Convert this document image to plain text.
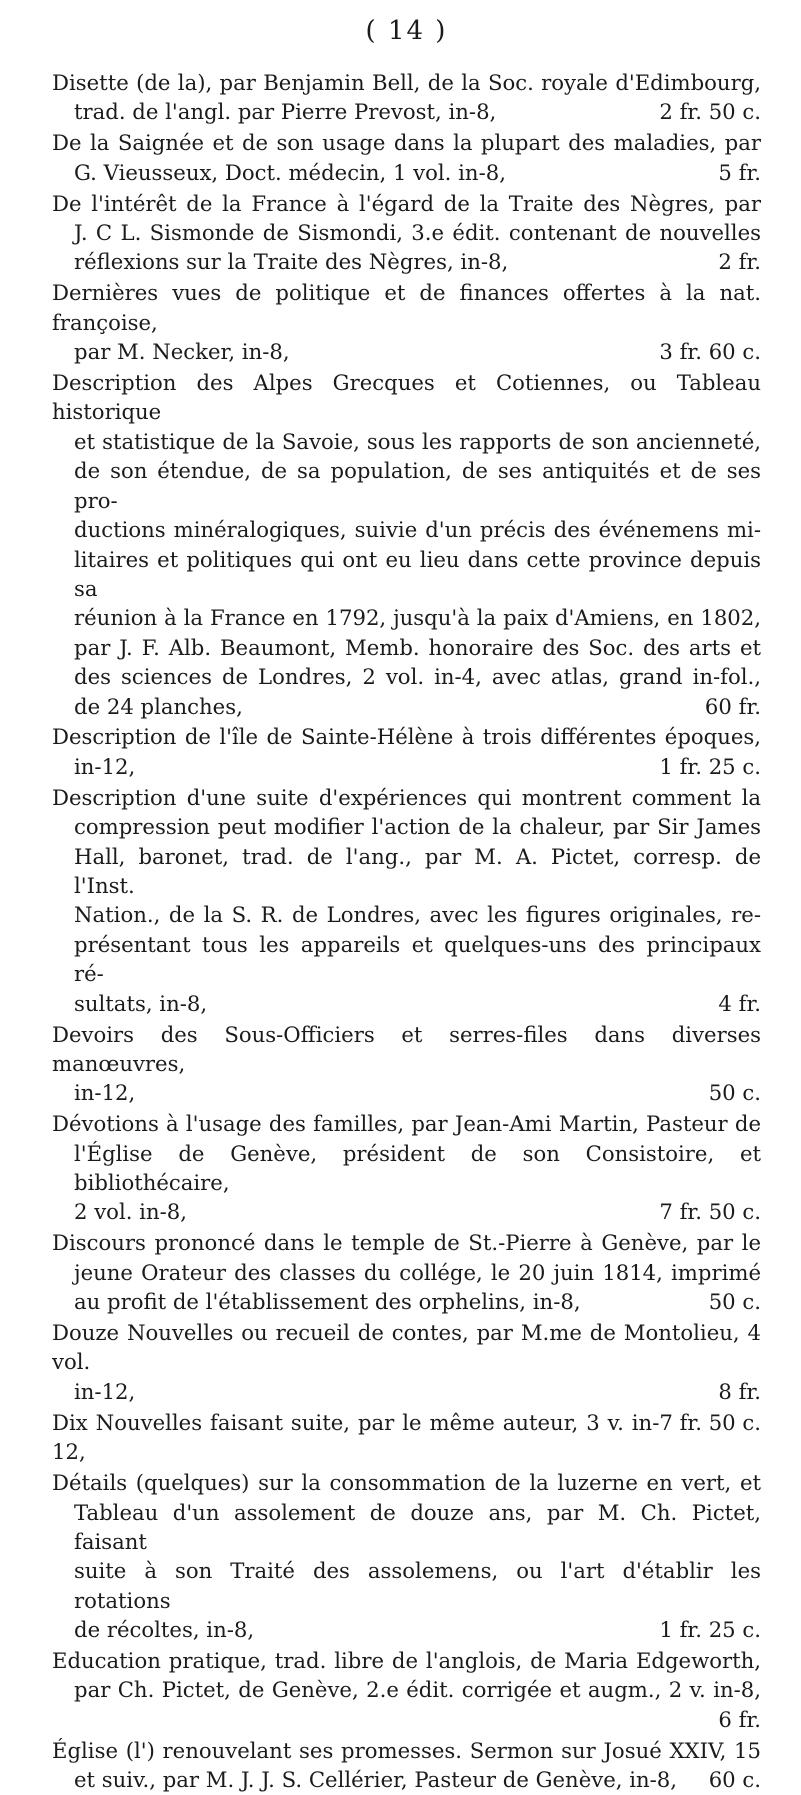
( 14 )
Disette (de la), par Benjamin Bell, de la Soc. royale d'Edimbourg,
trad. de l'angl. par Pierre Prevost, in-8,	2 fr. 50 c.
De la Saignée et de son usage dans la plupart des maladies, par
G. Vieusseux, Doct. médecin, 1 vol. in-8,	5 fr.
De l'intérêt de la France à l'égard de la Traite des Nègres, par
J. C L. Sismonde de Sismondi, 3.e édit. contenant de nouvelles
réflexions sur la Traite des Nègres, in-8,	2 fr.
Dernières vues de politique et de finances offertes à la nat. françoise,
par M. Necker, in-8,	3 fr. 60 c.
Description des Alpes Grecques et Cotiennes, ou Tableau historique
et statistique de la Savoie, sous les rapports de son ancienneté,
de son étendue, de sa population, de ses antiquités et de ses pro-
ductions minéralogiques, suivie d'un précis des événemens mi-
litaires et politiques qui ont eu lieu dans cette province depuis sa
réunion à la France en 1792, jusqu'à la paix d'Amiens, en 1802,
par J. F. Alb. Beaumont, Memb. honoraire des Soc. des arts et
des sciences de Londres, 2 vol. in-4, avec atlas, grand in-fol.,
de 24 planches,	60 fr.
Description de l'île de Sainte-Hélène à trois différentes époques,
in-12,	1 fr. 25 c.
Description d'une suite d'expériences qui montrent comment la
compression peut modifier l'action de la chaleur, par Sir James
Hall, baronet, trad. de l'ang., par M. A. Pictet, corresp. de l'Inst.
Nation., de la S. R. de Londres, avec les figures originales, re-
présentant tous les appareils et quelques-uns des principaux ré-
sultats, in-8,	4 fr.
Devoirs des Sous-Officiers et serres-files dans diverses manœuvres,
in-12,	50 c.
Dévotions à l'usage des familles, par Jean-Ami Martin, Pasteur de
l'Église de Genève, président de son Consistoire, et bibliothécaire,
2 vol. in-8,	7 fr. 50 c.
Discours prononcé dans le temple de St.-Pierre à Genève, par le
jeune Orateur des classes du collége, le 20 juin 1814, imprimé
au profit de l'établissement des orphelins, in-8,	50 c.
Douze Nouvelles ou recueil de contes, par M.me de Montolieu, 4 vol.
in-12,	8 fr.
Dix Nouvelles faisant suite, par le même auteur, 3 v. in-12,
7 fr. 50 c.
Détails (quelques) sur la consommation de la luzerne en vert, et
Tableau d'un assolement de douze ans, par M. Ch. Pictet, faisant
suite à son Traité des assolemens, ou l'art d'établir les rotations
de récoltes, in-8,	1 fr. 25 c.
Education pratique, trad. libre de l'anglois, de Maria Edgeworth,
par Ch. Pictet, de Genève, 2.e édit. corrigée et augm., 2 v. in-8,
6 fr.
Église (l') renouvelant ses promesses. Sermon sur Josué XXIV, 15
et suiv., par M. J. J. S. Cellérier, Pasteur de Genève, in-8, 60 c.
